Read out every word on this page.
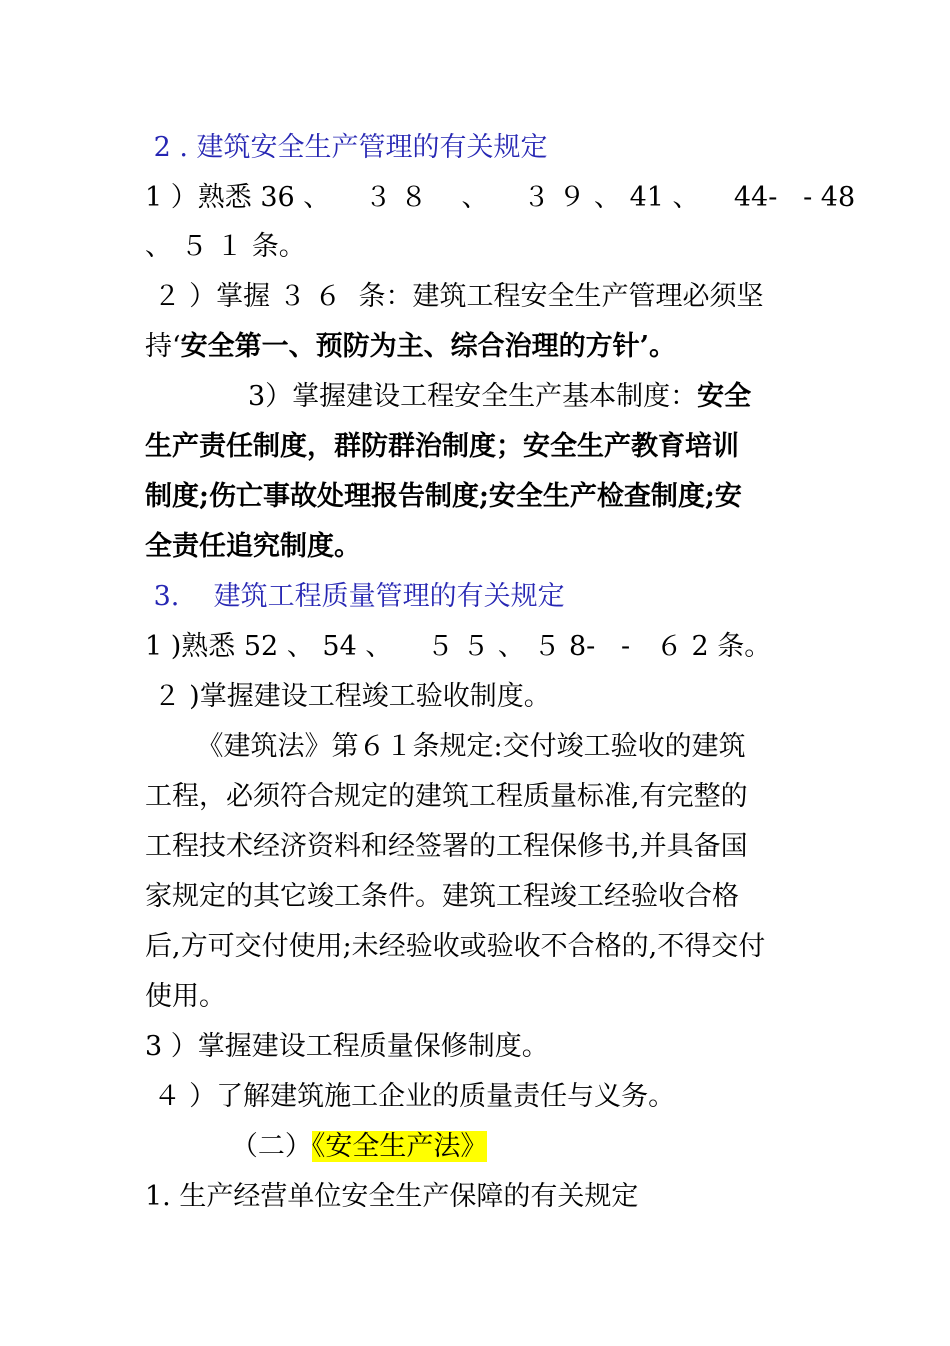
2 . 建筑安全生产管理的有关规定
1 ）熟悉 36 、    ３ ８    、    ３ ９ 、 41 、    44-   - 48
、 ５ １ 条。
２ ）掌握 ３ ６  条：建筑工程安全生产管理必须坚
持‘安全第一、预防为主、综合治理的方针’。
3）掌握建设工程安全生产基本制度：安全
生产责任制度，群防群治制度；安全生产教育培训
制度;伤亡事故处理报告制度;安全生产检查制度;安
全责任追究制度。
3.    建筑工程质量管理的有关规定
1 )熟悉 52 、 54 、    ５ ５ 、 ５ 8-   -   ６ 2 条。
２ )掌握建设工程竣工验收制度。
《建筑法》第６１条规定:交付竣工验收的建筑
工程，必须符合规定的建筑工程质量标准,有完整的
工程技术经济资料和经签署的工程保修书,并具备国
家规定的其它竣工条件。建筑工程竣工经验收合格
后,方可交付使用;未经验收或验收不合格的,不得交付
使用。
3 ）掌握建设工程质量保修制度。
４ ）了解建筑施工企业的质量责任与义务。
（二）《安全生产法》
1. 生产经营单位安全生产保障的有关规定
